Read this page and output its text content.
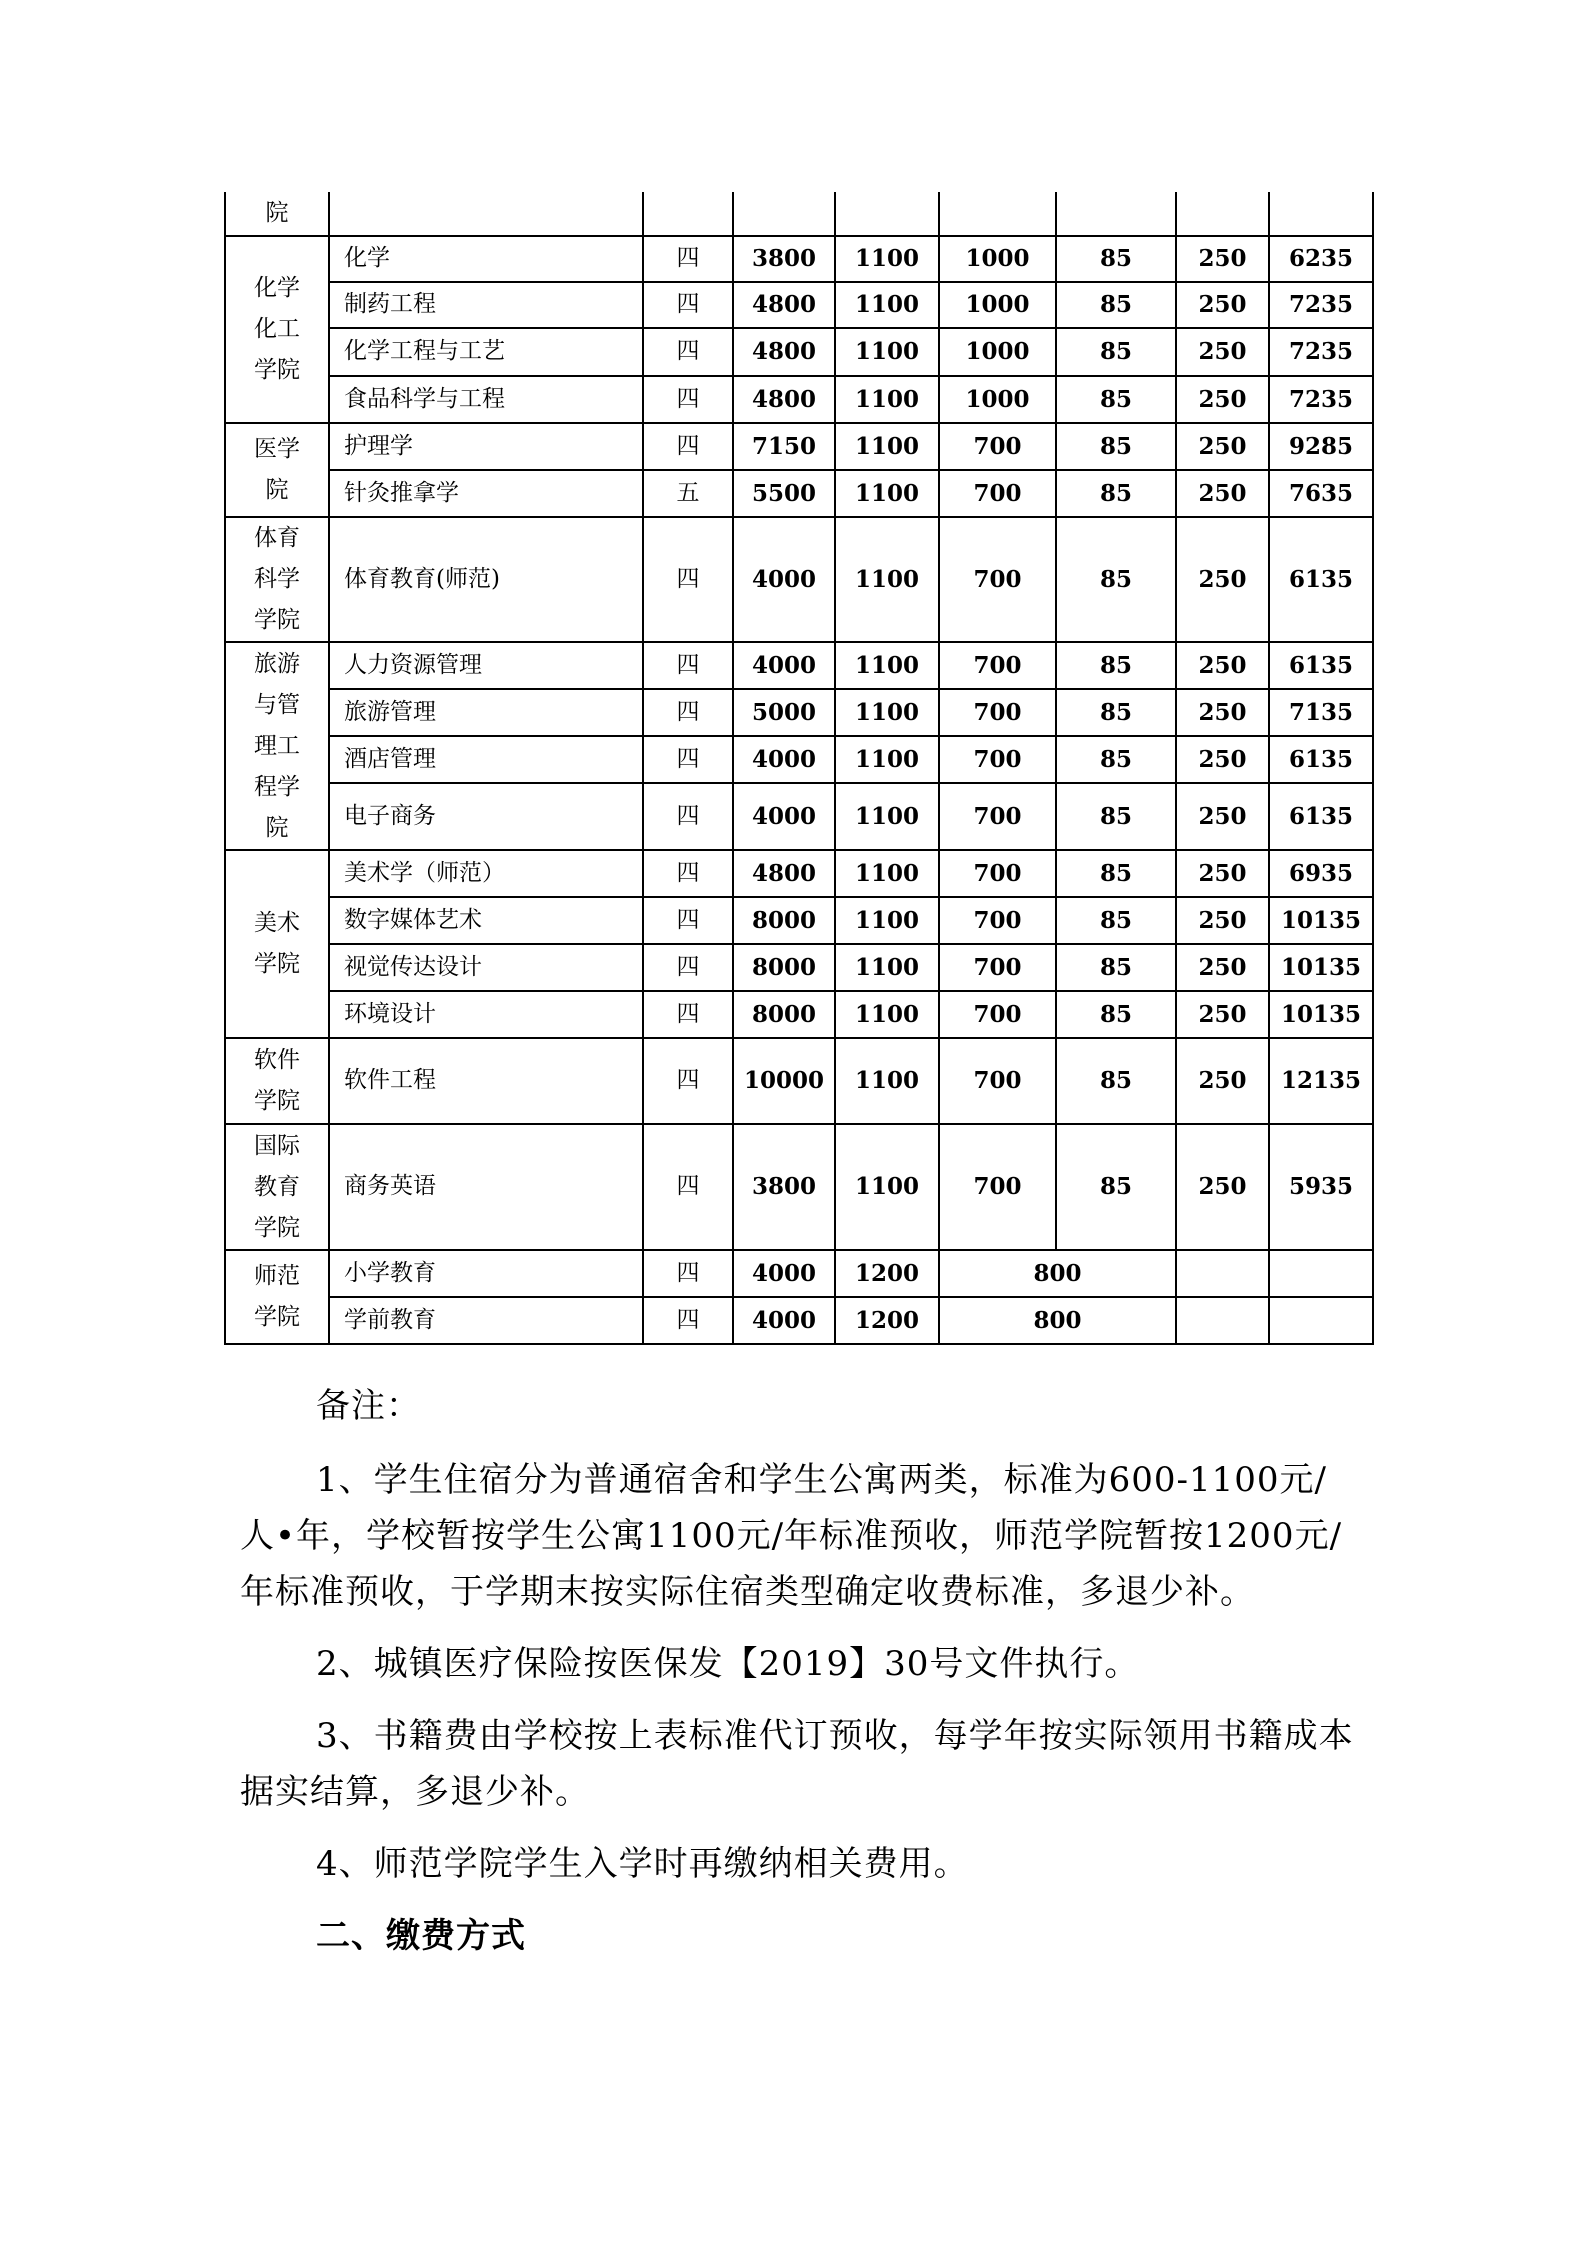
院								

化学
化工
学院	化学	四	3800	1100	1000	85	250	6235
	制药工程	四	4800	1100	1000	85	250	7235
	化学工程与工艺	四	4800	1100	1000	85	250	7235
	食品科学与工程	四	4800	1100	1000	85	250	7235

医学
院	护理学	四	7150	1100	700	85	250	9285
	针灸推拿学	五	5500	1100	700	85	250	7635

体育
科学
学院	体育教育(师范)	四	4000	1100	700	85	250	6135

旅游
与管
理工
程学
院	人力资源管理	四	4000	1100	700	85	250	6135
	旅游管理	四	5000	1100	700	85	250	7135
	酒店管理	四	4000	1100	700	85	250	6135
	电子商务	四	4000	1100	700	85	250	6135

美术
学院	美术学（师范）	四	4800	1100	700	85	250	6935
	数字媒体艺术	四	8000	1100	700	85	250	10135
	视觉传达设计	四	8000	1100	700	85	250	10135
	环境设计	四	8000	1100	700	85	250	10135

软件
学院	软件工程	四	10000	1100	700	85	250	12135

国际
教育
学院	商务英语	四	3800	1100	700	85	250	5935

师范
学院	小学教育	四	4000	1200	800			
	学前教育	四	4000	1200	800			

备注：

1、学生住宿分为普通宿舍和学生公寓两类，标准为600-1100元/人•年，学校暂按学生公寓1100元/年标准预收，师范学院暂按1200元/年标准预收，于学期末按实际住宿类型确定收费标准，多退少补。

2、城镇医疗保险按医保发【2019】30号文件执行。

3、书籍费由学校按上表标准代订预收，每学年按实际领用书籍成本据实结算，多退少补。

4、师范学院学生入学时再缴纳相关费用。

二、缴费方式
